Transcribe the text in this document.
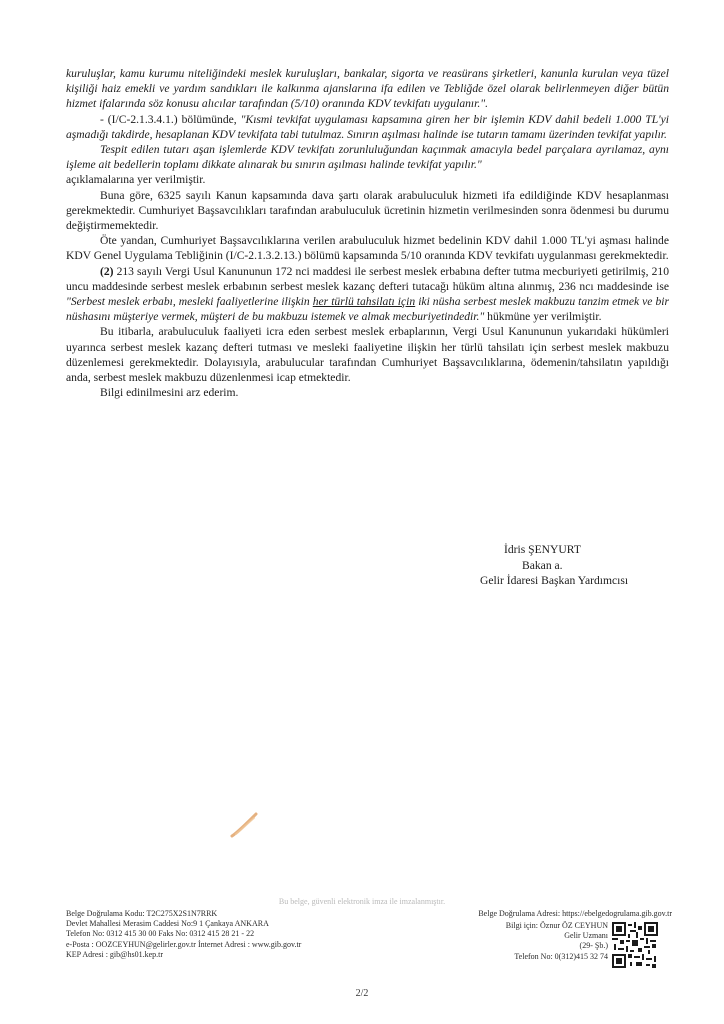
kuruluşlar, kamu kurumu niteliğindeki meslek kuruluşları, bankalar, sigorta ve reasürans şirketleri, kanunla kurulan veya tüzel kişiliği haiz emekli ve yardım sandıkları ile kalkınma ajanslarına ifa edilen ve Tebliğde özel olarak belirlenmeyen diğer bütün hizmet ifalarında söz konusu alıcılar tarafından (5/10) oranında KDV tevkifatı uygulanır.".

- (I/C-2.1.3.4.1.) bölümünde, "Kısmi tevkifat uygulaması kapsamına giren her bir işlemin KDV dahil bedeli 1.000 TL'yi aşmadığı takdirde, hesaplanan KDV tevkifata tabi tutulmaz. Sınırın aşılması halinde ise tutarın tamamı üzerinden tevkifat yapılır.

Tespit edilen tutarı aşan işlemlerde KDV tevkifatı zorunluluğundan kaçınmak amacıyla bedel parçalara ayrılamaz, aynı işleme ait bedellerin toplamı dikkate alınarak bu sınırın aşılması halinde tevkifat yapılır."

açıklamalarına yer verilmiştir.

Buna göre, 6325 sayılı Kanun kapsamında dava şartı olarak arabuluculuk hizmeti ifa edildiğinde KDV hesaplanması gerekmektedir. Cumhuriyet Başsavcılıkları tarafından arabuluculuk ücretinin hizmetin verilmesinden sonra ödenmesi bu durumu değiştirmemektedir.

Öte yandan, Cumhuriyet Başsavcılıklarına verilen arabuluculuk hizmet bedelinin KDV dahil 1.000 TL'yi aşması halinde KDV Genel Uygulama Tebliğinin (I/C-2.1.3.2.13.) bölümü kapsamında 5/10 oranında KDV tevkifatı uygulanması gerekmektedir.

(2) 213 sayılı Vergi Usul Kanununun 172 nci maddesi ile serbest meslek erbabına defter tutma mecburiyeti getirilmiş, 210 uncu maddesinde serbest meslek erbabının serbest meslek kazanç defteri tutacağı hüküm altına alınmış, 236 ncı maddesinde ise "Serbest meslek erbabı, mesleki faaliyetlerine ilişkin her türlü tahsilatı için iki nüsha serbest meslek makbuzu tanzim etmek ve bir nüshasını müşteriye vermek, müşteri de bu makbuzu istemek ve almak mecburiyetindedir." hükmüne yer verilmiştir.

Bu itibarla, arabuluculuk faaliyeti icra eden serbest meslek erbaplarının, Vergi Usul Kanununun yukarıdaki hükümleri uyarınca serbest meslek kazanç defteri tutması ve mesleki faaliyetine ilişkin her türlü tahsilatı için serbest meslek makbuzu düzenlemesi gerekmektedir. Dolayısıyla, arabulucular tarafından Cumhuriyet Başsavcılıklarına, ödemenin/tahsilatın yapıldığı anda, serbest meslek makbuzu düzenlenmesi icap etmektedir.

Bilgi edinilmesini arz ederim.

İdris ŞENYURT
Bakan a.
Gelir İdaresi Başkan Yardımcısı
Bu belge, güvenli elektronik imza ile imzalanmıştır.
Belge Doğrulama Kodu: T2C275X2S1N7RRK
Devlet Mahallesi Merasim Caddesi No:9 1 Çankaya ANKARA
Telefon No: 0312 415 30 00 Faks No: 0312 415 28 21 - 22
e-Posta : OOZCEYHUN@gelirler.gov.tr İnternet Adresi : www.gib.gov.tr
KEP Adresi : gib@hs01.kep.tr
Belge Doğrulama Adresi: https://ebelgedogrulama.gib.gov.tr
Bilgi için: Öznur ÖZ CEYHUN
Gelir Uzmanı
(29- Şb.)
Telefon No: 0(312)415 32 74
2/2
